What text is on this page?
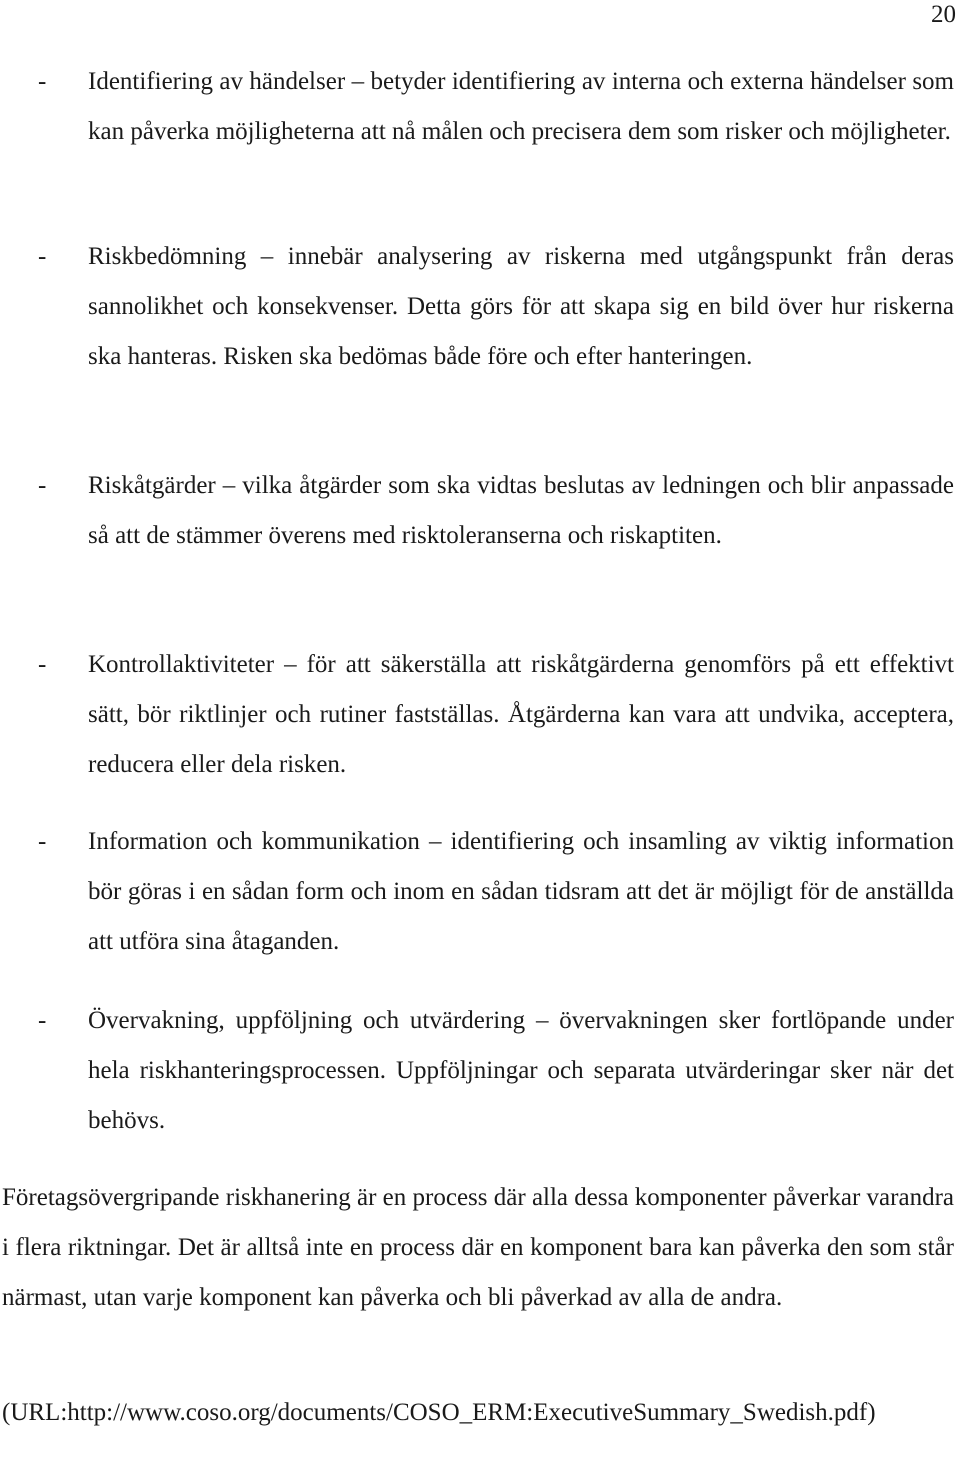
20
- Identifiering av händelser – betyder identifiering av interna och externa händelser som kan påverka möjligheterna att nå målen och precisera dem som risker och möjligheter.
- Riskbedömning – innebär analysering av riskerna med utgångspunkt från deras sannolikhet och konsekvenser. Detta görs för att skapa sig en bild över hur riskerna ska hanteras. Risken ska bedömas både före och efter hanteringen.
- Riskåtgärder – vilka åtgärder som ska vidtas beslutas av ledningen och blir anpassade så att de stämmer överens med risktoleranserna och riskaptiten.
- Kontrollaktiviteter – för att säkerställa att riskåtgärderna genomförs på ett effektivt sätt, bör riktlinjer och rutiner fastställas. Åtgärderna kan vara att undvika, acceptera, reducera eller dela risken.
- Information och kommunikation – identifiering och insamling av viktig information bör göras i en sådan form och inom en sådan tidsram att det är möjligt för de anställda att utföra sina åtaganden.
- Övervakning, uppföljning och utvärdering – övervakningen sker fortlöpande under hela riskhanteringsprocessen. Uppföljningar och separata utvärderingar sker när det behövs.
Företagsövergripande riskhanering är en process där alla dessa komponenter påverkar varandra i flera riktningar. Det är alltså inte en process där en komponent bara kan påverka den som står närmast, utan varje komponent kan påverka och bli påverkad av alla de andra.
(URL:http://www.coso.org/documents/COSO_ERM:ExecutiveSummary_Swedish.pdf)
